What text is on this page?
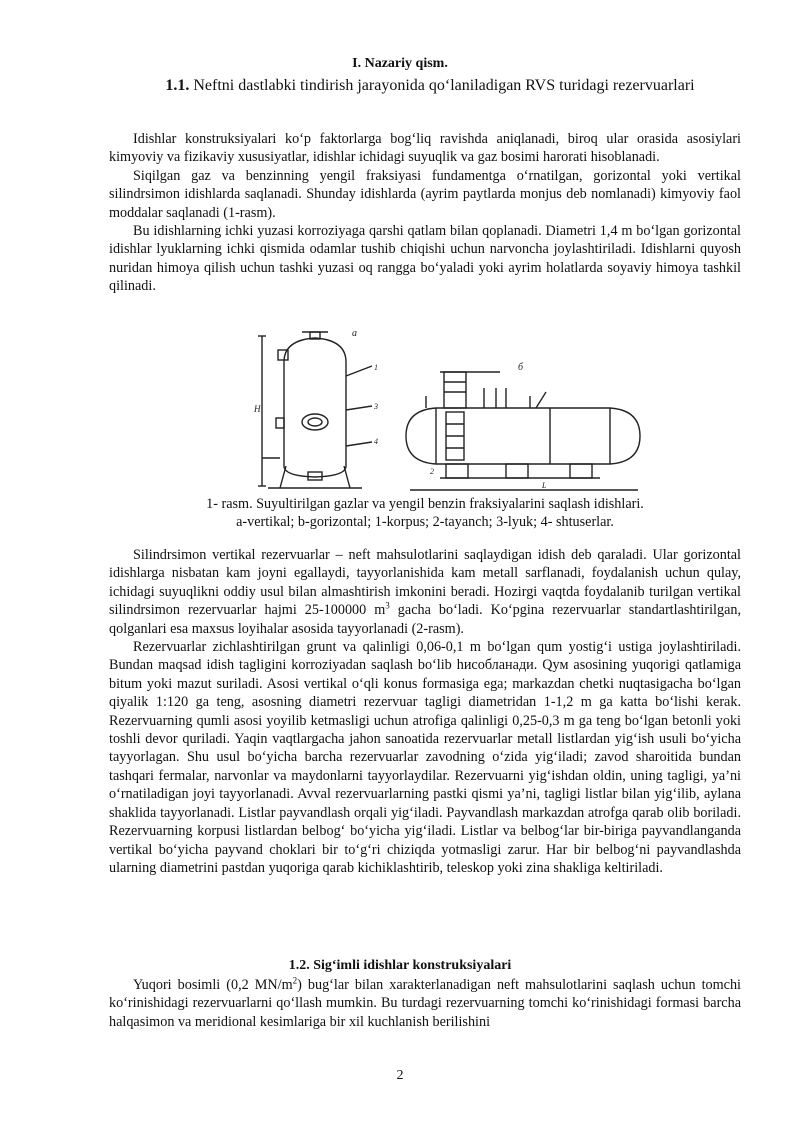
I. Nazariy qism.
1.1. Neftni dastlabki tindirish jarayonida qo‘laniladigan RVS turidagi rezervuarlari

Idishlar konstruksiyalari ko‘p faktorlarga bog‘liq ravishda aniqlanadi, biroq ular orasida asosiylari kimyoviy va fizikaviy xususiyatlar, idishlar ichidagi suyuqlik va gaz bosimi harorati hisoblanadi.

Siqilgan gaz va benzinning yengil fraksiyasi fundamentga o‘rnatilgan, gorizontal yoki vertikal silindrsimon idishlarda saqlanadi. Shunday idishlarda (ayrim paytlarda monjus deb nomlanadi) kimyoviy faol moddalar saqlanadi (1-rasm).

Bu idishlarning ichki yuzasi korroziyaga qarshi qatlam bilan qoplanadi. Diametri 1,4 m bo‘lgan gorizontal idishlar lyuklarning ichki qismida odamlar tushib chiqishi uchun narvoncha joylashtiriladi. Idishlarni quyosh nuridan himoya qilish uchun tashki yuzasi oq rangga bo‘yaladi yoki ayrim holatlarda soyaviy himoya tashkil qilinadi.

a
б
H
L
1
3
4
2
1- rasm. Suyultirilgan gazlar va yengil benzin fraksiyalarini saqlash idishlari.
a-vertikal; b-gorizontal; 1-korpus; 2-tayanch; 3-lyuk; 4- shtuserlar.

Silindrsimon vertikal rezervuarlar – neft mahsulotlarini saqlaydigan idish deb qaraladi. Ular gorizontal idishlarga nisbatan kam joyni egallaydi, tayyorlanishida kam metall sarflanadi, foydalanish uchun qulay, ichidagi suyuqlikni oddiy usul bilan almashtirish imkonini beradi. Hozirgi vaqtda foydalanib turilgan vertikal silindrsimon rezervuarlar hajmi 25-100000 $m^3$ gacha bo‘ladi. Ko‘pgina rezervuarlar standartlashtirilgan, qolganlari esa maxsus loyihalar asosida tayyorlanadi (2-rasm).

Rezervuarlar zichlashtirilgan grunt va qalinligi 0,06-0,1 m bo‘lgan qum yostig‘i ustiga joylashtiriladi. Bundan maqsad idish tagligini korroziyadan saqlash bo‘lib hисобланади. Qум asosining yuqorigi qatlamiga bitum yoki mazut suriladi. Asosi vertikal o‘qli konus formasiga ega; markazdan chetki nuqtasigacha bo‘lgan qiyalik 1:120 ga teng, asosning diametri rezervuar tagligi diametridan 1-1,2 m ga katta bo‘lishi kerak. Rezervuarning qumli asosi yoyilib ketmasligi uchun atrofiga qalinligi 0,25-0,3 m ga teng bo‘lgan betonli yoki toshli devor quriladi. Yaqin vaqtlargacha jahon sanoatida rezervuarlar metall listlardan yig‘ish usuli bo‘yicha tayyorlagan. Shu usul bo‘yicha barcha rezervuarlar zavodning o‘zida yig‘iladi; zavod sharoitida bundan tashqari fermalar, narvonlar va maydonlarni tayyorlaydilar. Rezervuarni yig‘ishdan oldin, uning tagligi, ya’ni o‘rnatiladigan joyi tayyorlanadi. Avval rezervuarlarning pastki qismi ya’ni, tagligi listlar bilan yig‘ilib, aylana shaklida tayyorlanadi. Listlar payvandlash orqali yig‘iladi. Payvandlash markazdan atrofga qarab olib boriladi. Rezervuarning korpusi listlardan belbog‘ bo‘yicha yig‘iladi. Listlar va belbog‘lar bir-biriga payvandlanganda vertikal bo‘yicha payvand choklari bir to‘g‘ri chiziqda yotmasligi zarur. Har bir belbog‘ni payvandlashda ularning diametrini pastdan yuqoriga qarab kichiklashtirib, teleskop yoki zina shakliga keltiriladi.

1.2. Sig‘imli idishlar konstruksiyalari

Yuqori bosimli (0,2 $MN/m^2$) bug‘lar bilan xarakterlanadigan neft mahsulotlarini saqlash uchun tomchi ko‘rinishidagi rezervuarlarni qo‘llash mumkin. Bu turdagi rezervuarning tomchi ko‘rinishidagi formasi barcha halqasimon va meridional kesimlariga bir xil kuchlanish berilishini

2
